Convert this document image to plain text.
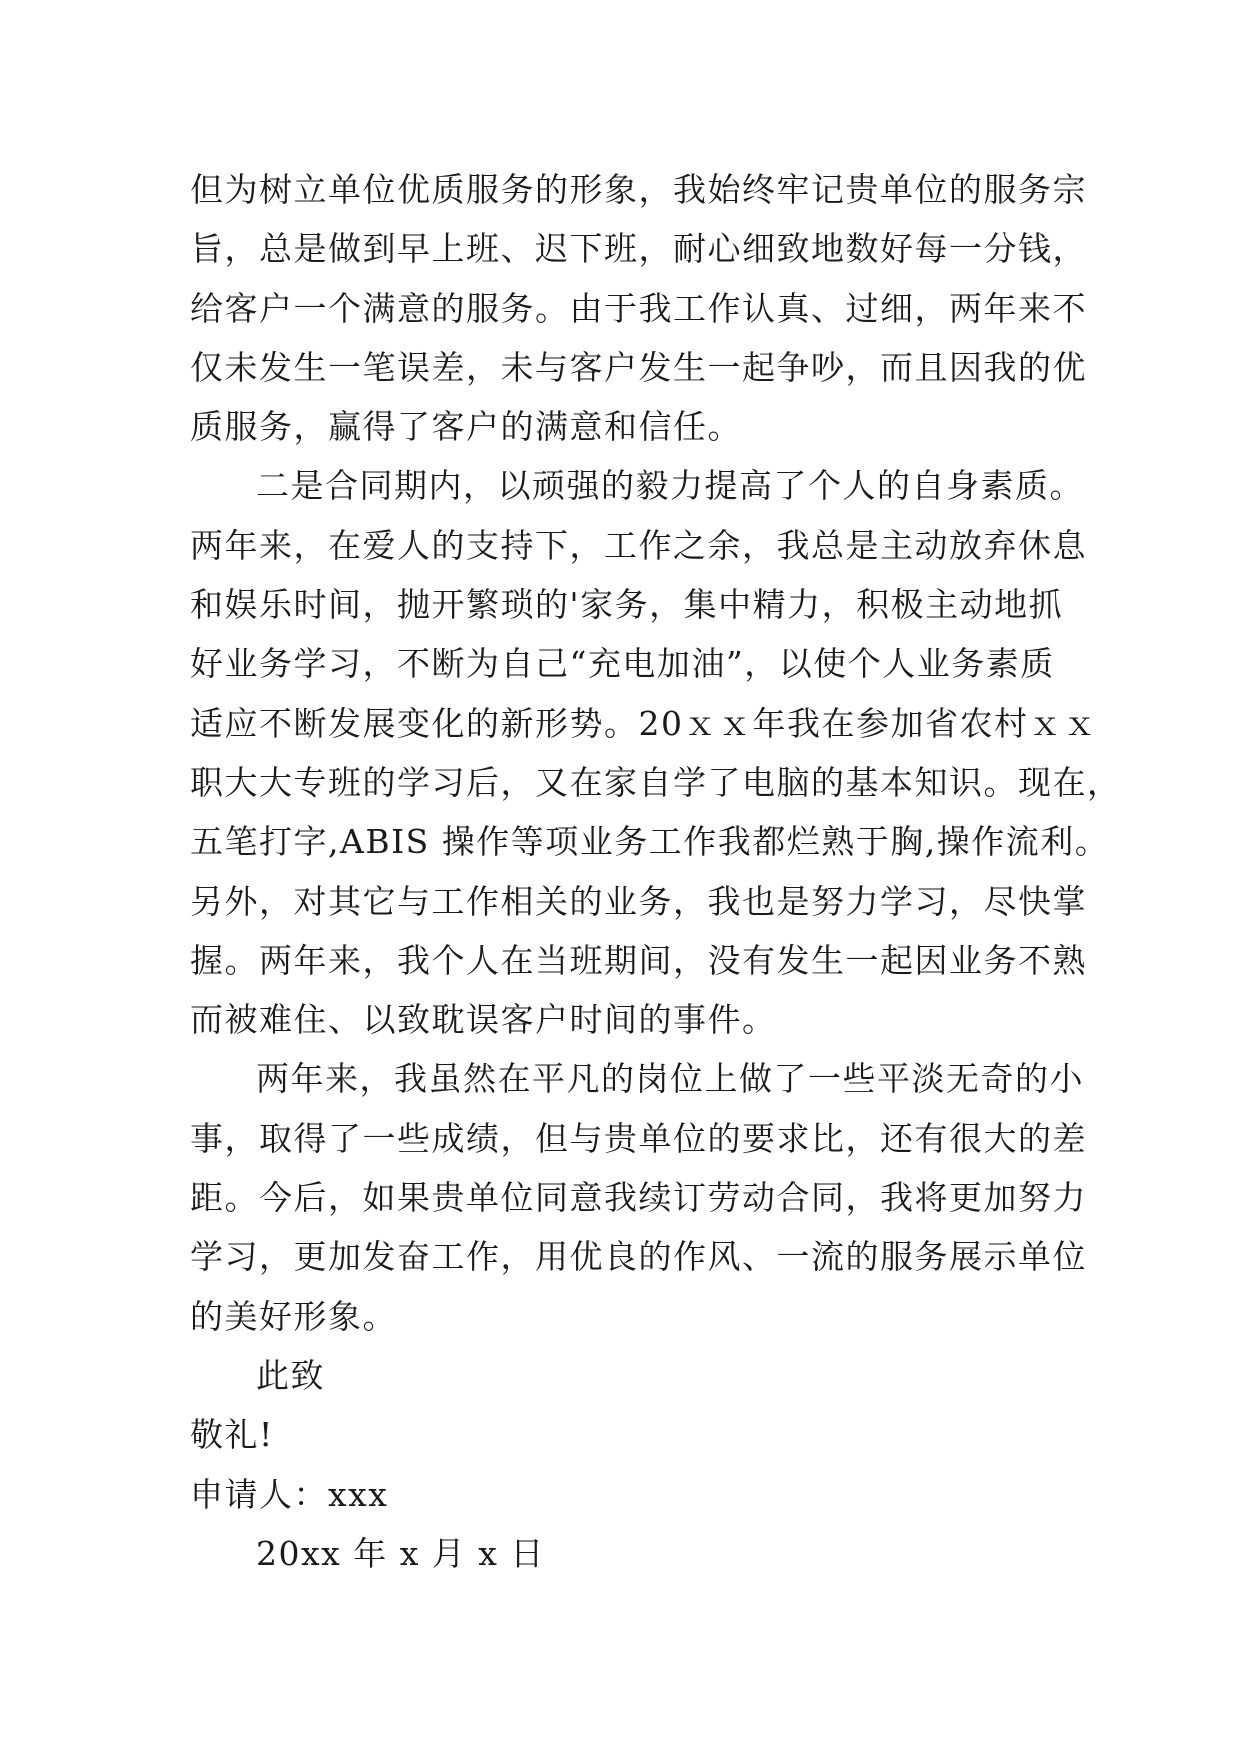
但为树立单位优质服务的形象，我始终牢记贵单位的服务宗
旨，总是做到早上班、迟下班，耐心细致地数好每一分钱，
给客户一个满意的服务。由于我工作认真、过细，两年来不
仅未发生一笔误差，未与客户发生一起争吵，而且因我的优
质服务，赢得了客户的满意和信任。
二是合同期内，以顽强的毅力提高了个人的自身素质。
两年来，在爱人的支持下，工作之余，我总是主动放弃休息
和娱乐时间，抛开繁琐的'家务，集中精力，积极主动地抓
好业务学习，不断为自己“充电加油”，以使个人业务素质
适应不断发展变化的新形势。20ｘｘ年我在参加省农村ｘｘ
职大大专班的学习后，又在家自学了电脑的基本知识。现在，
五笔打字,ABIS 操作等项业务工作我都烂熟于胸,操作流利。
另外，对其它与工作相关的业务，我也是努力学习，尽快掌
握。两年来，我个人在当班期间，没有发生一起因业务不熟
而被难住、以致耽误客户时间的事件。
两年来，我虽然在平凡的岗位上做了一些平淡无奇的小
事，取得了一些成绩，但与贵单位的要求比，还有很大的差
距。今后，如果贵单位同意我续订劳动合同，我将更加努力
学习，更加发奋工作，用优良的作风、一流的服务展示单位
的美好形象。
此致
敬礼!
申请人：xxx
20xx 年 x 月 x 日
